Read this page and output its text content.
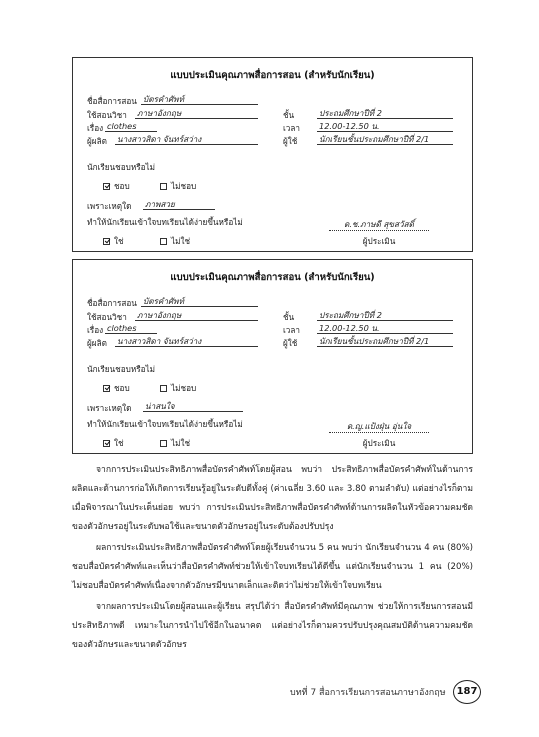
แบบประเมินคุณภาพสื่อการสอน (สำหรับนักเรียน)
ชื่อสื่อการสอน บัตรคำศัพท์
ใช้สอนวิชา ภาษาอังกฤษ	ชั้น	ประถมศึกษาปีที่ 2
เรื่อง clothes	เวลา 12.00-12.50 น.
ผู้ผลิต นางสาวสิดา จันทร์สว่าง	ผู้ใช้	นักเรียนชั้นประถมศึกษาปีที่ 2/1
นักเรียนชอบหรือไม่
ชอบ	ไม่ชอบ
เพราะเหตุใด ภาพสวย
ทำให้นักเรียนเข้าใจบทเรียนได้ง่ายขึ้นหรือไม่
ใช่	ไม่ใช่
ด.ช.ภาษดี สุขสวัสดิ์
ผู้ประเมิน
แบบประเมินคุณภาพสื่อการสอน (สำหรับนักเรียน)
ชื่อสื่อการสอน บัตรคำศัพท์
ใช้สอนวิชา ภาษาอังกฤษ	ชั้น	ประถมศึกษาปีที่ 2
เรื่อง clothes	เวลา 12.00-12.50 น.
ผู้ผลิต นางสาวสิดา จันทร์สว่าง	ผู้ใช้	นักเรียนชั้นประถมศึกษาปีที่ 2/1
นักเรียนชอบหรือไม่
ชอบ	ไม่ชอบ
เพราะเหตุใด น่าสนใจ
ทำให้นักเรียนเข้าใจบทเรียนได้ง่ายขึ้นหรือไม่
ใช่	ไม่ใช่
ด.ญ.แป้งฝุ่น อุ่นใจ
ผู้ประเมิน

จากการประเมินประสิทธิภาพสื่อบัตรคำศัพท์โดยผู้สอน พบว่า ประสิทธิภาพสื่อบัตรคำศัพท์ในด้านการผลิตและด้านการก่อให้เกิดการเรียนรู้อยู่ในระดับดีทั้งคู่ (ค่าเฉลี่ย 3.60 และ 3.80 ตามลำดับ) แต่อย่างไรก็ตาม เมื่อพิจารณาในประเด็นย่อย พบว่า การประเมินประสิทธิภาพสื่อบัตรคำศัพท์ด้านการผลิตในหัวข้อความคมชัดของตัวอักษรอยู่ในระดับพอใช้และขนาดตัวอักษรอยู่ในระดับต้องปรับปรุง

ผลการประเมินประสิทธิภาพสื่อบัตรคำศัพท์โดยผู้เรียนจำนวน 5 คน พบว่า นักเรียนจำนวน 4 คน (80%) ชอบสื่อบัตรคำศัพท์และเห็นว่าสื่อบัตรคำศัพท์ช่วยให้เข้าใจบทเรียนได้ดีขึ้น แต่นักเรียนจำนวน 1 คน (20%) ไม่ชอบสื่อบัตรคำศัพท์เนื่องจากตัวอักษรมีขนาดเล็กและติดว่าไม่ช่วยให้เข้าใจบทเรียน

จากผลการประเมินโดยผู้สอนและผู้เรียน สรุปได้ว่า สื่อบัตรคำศัพท์มีคุณภาพ ช่วยให้การเรียนการสอนมีประสิทธิภาพดี เหมาะในการนำไปใช้อีกในอนาคต แต่อย่างไรก็ตามควรปรับปรุงคุณสมบัติด้านความคมชัดของตัวอักษรและขนาดตัวอักษร

บทที่ 7 สื่อการเรียนการสอนภาษาอังกฤษ	187
